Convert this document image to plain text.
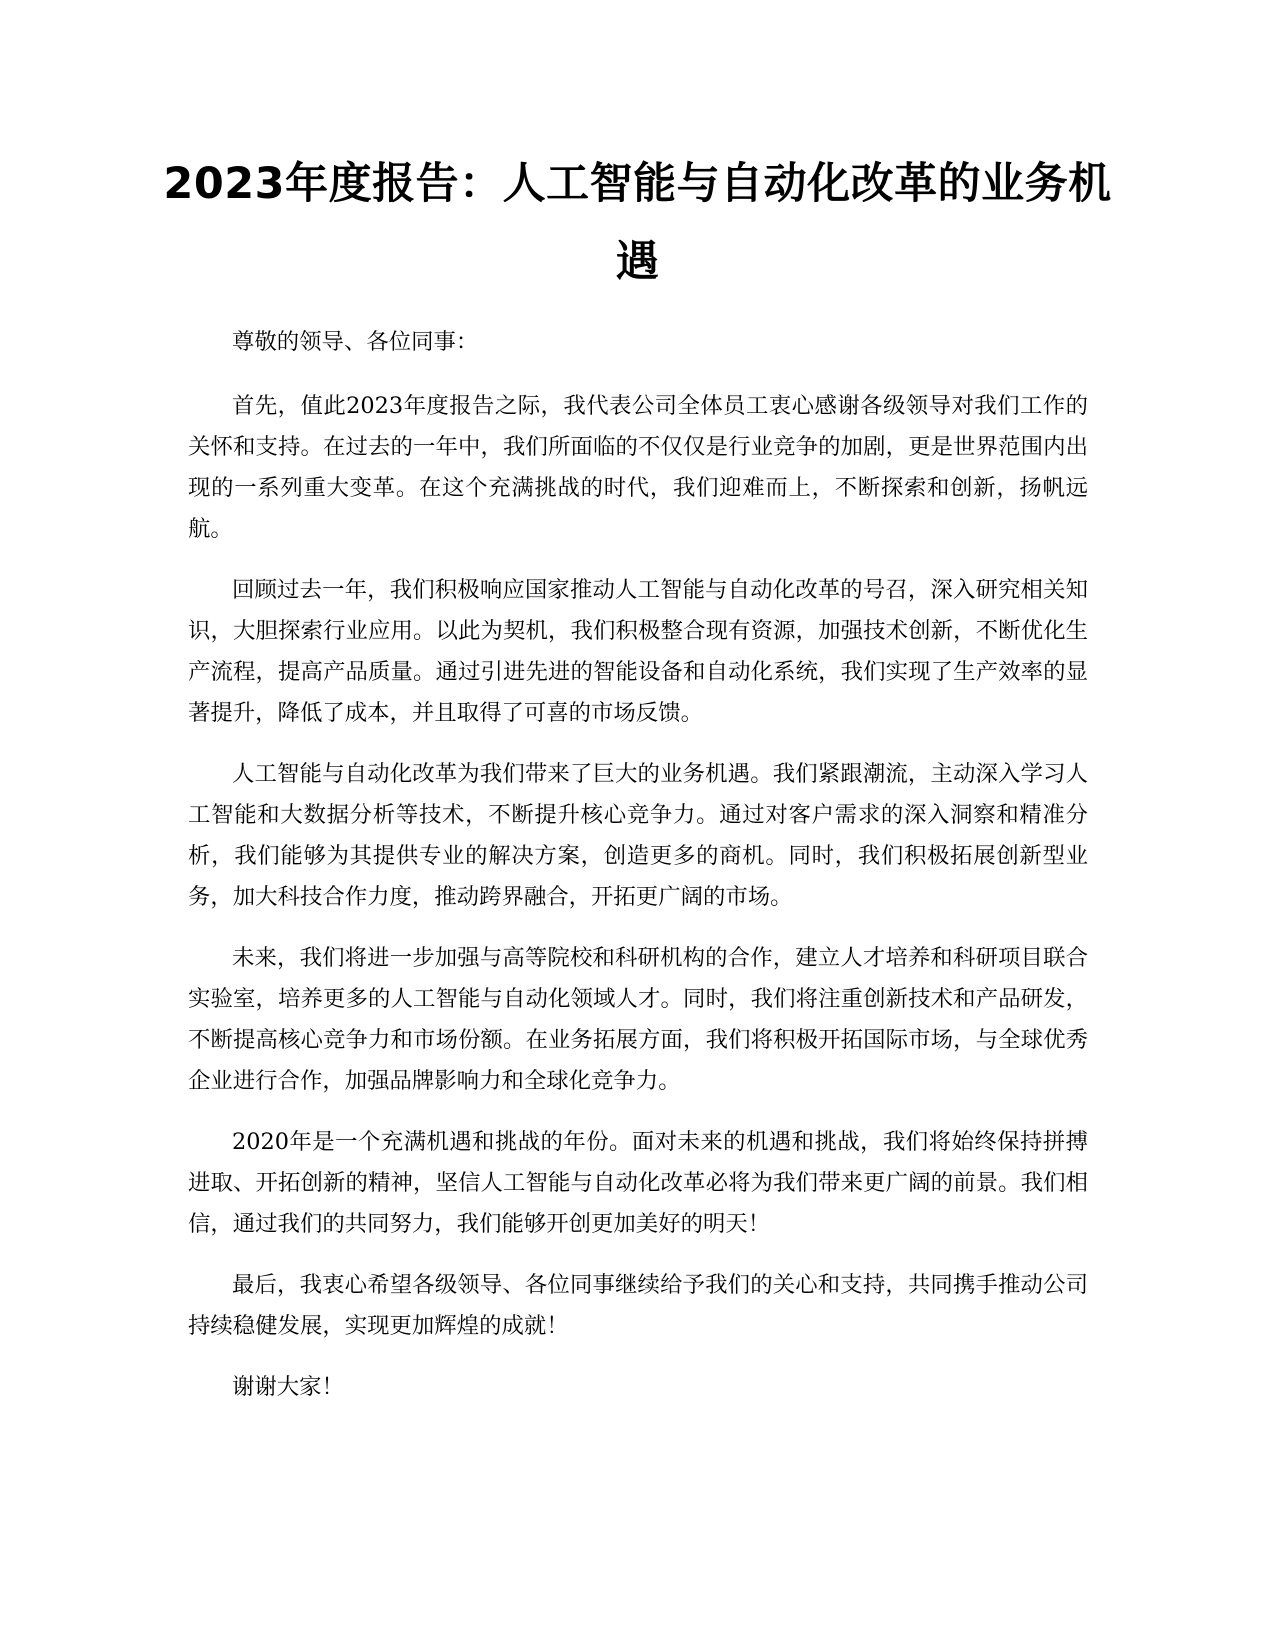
2023年度报告：人工智能与自动化改革的业务机遇

尊敬的领导、各位同事：

首先，值此2023年度报告之际，我代表公司全体员工衷心感谢各级领导对我们工作的关怀和支持。在过去的一年中，我们所面临的不仅仅是行业竞争的加剧，更是世界范围内出现的一系列重大变革。在这个充满挑战的时代，我们迎难而上，不断探索和创新，扬帆远航。

回顾过去一年，我们积极响应国家推动人工智能与自动化改革的号召，深入研究相关知识，大胆探索行业应用。以此为契机，我们积极整合现有资源，加强技术创新，不断优化生产流程，提高产品质量。通过引进先进的智能设备和自动化系统，我们实现了生产效率的显著提升，降低了成本，并且取得了可喜的市场反馈。

人工智能与自动化改革为我们带来了巨大的业务机遇。我们紧跟潮流，主动深入学习人工智能和大数据分析等技术，不断提升核心竞争力。通过对客户需求的深入洞察和精准分析，我们能够为其提供专业的解决方案，创造更多的商机。同时，我们积极拓展创新型业务，加大科技合作力度，推动跨界融合，开拓更广阔的市场。

未来，我们将进一步加强与高等院校和科研机构的合作，建立人才培养和科研项目联合实验室，培养更多的人工智能与自动化领域人才。同时，我们将注重创新技术和产品研发，不断提高核心竞争力和市场份额。在业务拓展方面，我们将积极开拓国际市场，与全球优秀企业进行合作，加强品牌影响力和全球化竞争力。

2020年是一个充满机遇和挑战的年份。面对未来的机遇和挑战，我们将始终保持拼搏进取、开拓创新的精神，坚信人工智能与自动化改革必将为我们带来更广阔的前景。我们相信，通过我们的共同努力，我们能够开创更加美好的明天！

最后，我衷心希望各级领导、各位同事继续给予我们的关心和支持，共同携手推动公司持续稳健发展，实现更加辉煌的成就！

谢谢大家！
